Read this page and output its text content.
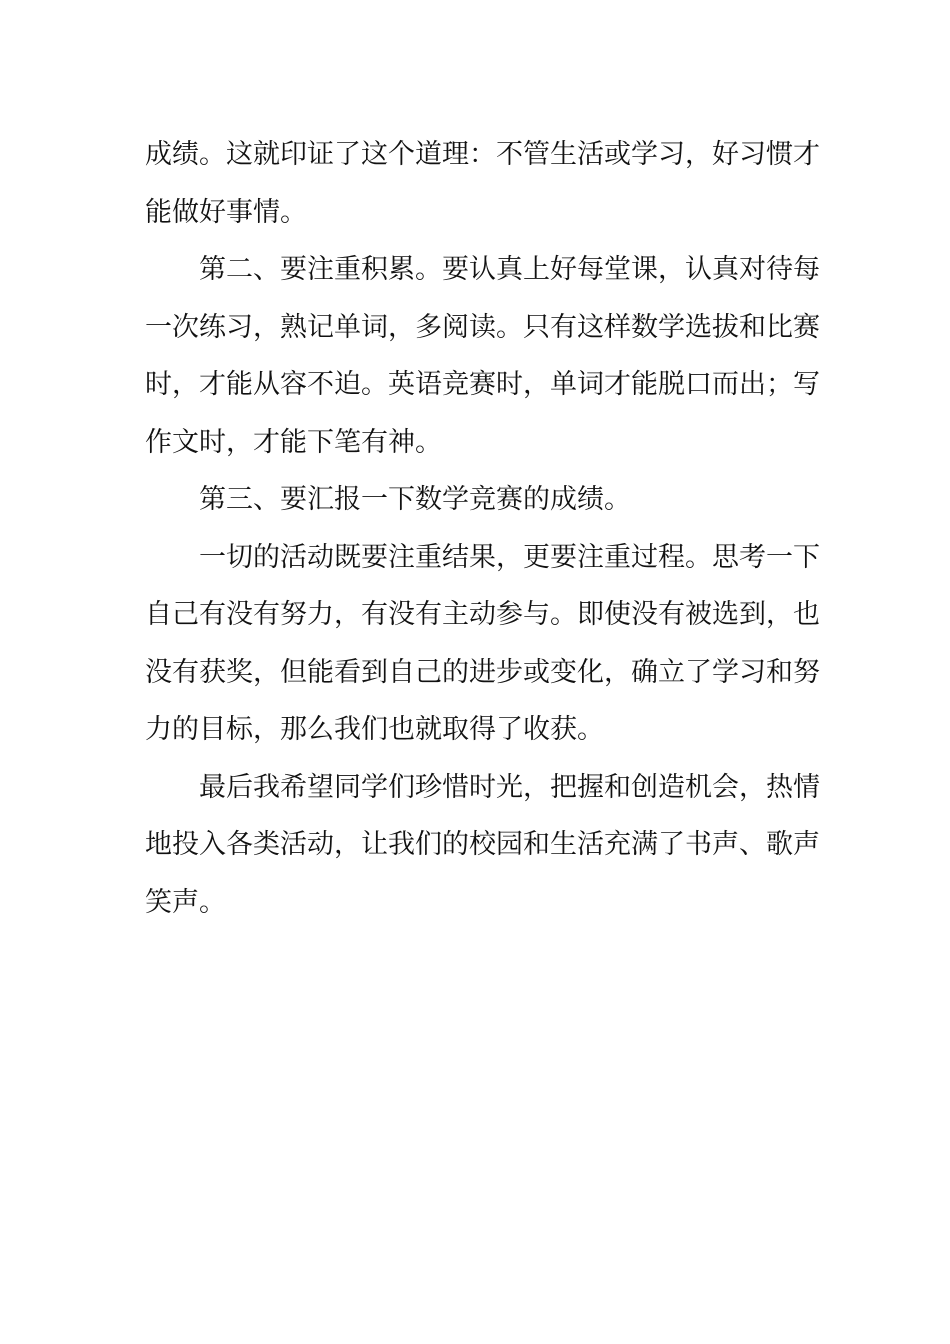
成绩。这就印证了这个道理：不管生活或学习，好习惯才
能做好事情。
第二、要注重积累。要认真上好每堂课，认真对待每
一次练习，熟记单词，多阅读。只有这样数学选拔和比赛
时，才能从容不迫。英语竞赛时，单词才能脱口而出；写
作文时，才能下笔有神。
第三、要汇报一下数学竞赛的成绩。
一切的活动既要注重结果，更要注重过程。思考一下
自己有没有努力，有没有主动参与。即使没有被选到，也
没有获奖，但能看到自己的进步或变化，确立了学习和努
力的目标，那么我们也就取得了收获。
最后我希望同学们珍惜时光，把握和创造机会，热情
地投入各类活动，让我们的校园和生活充满了书声、歌声
笑声。
